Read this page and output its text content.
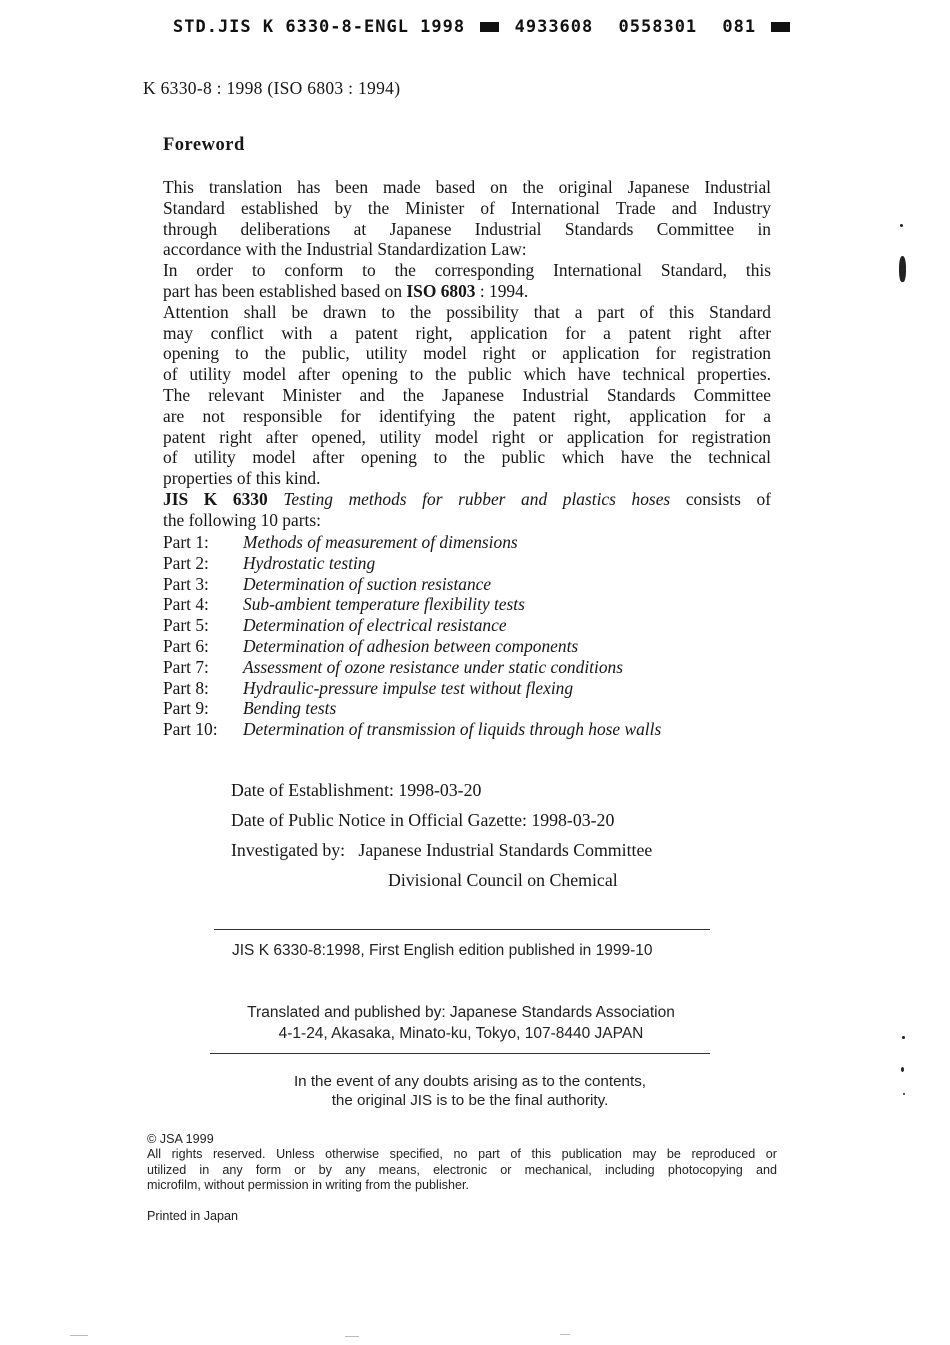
STD.JIS K 6330-8-ENGL 1998	4933608 0558301 081
K 6330-8 : 1998 (ISO 6803 : 1994)
Foreword

This translation has been made based on the original Japanese Industrial

Standard established by the Minister of International Trade and Industry

through deliberations at Japanese Industrial Standards Committee in

accordance with the Industrial Standardization Law:

In order to conform to the corresponding International Standard, this

part has been established based on ISO 6803 : 1994.

Attention shall be drawn to the possibility that a part of this Standard

may conflict with a patent right, application for a patent right after

opening to the public, utility model right or application for registration

of utility model after opening to the public which have technical properties.

The relevant Minister and the Japanese Industrial Standards Committee

are not responsible for identifying the patent right, application for a

patent right after opened, utility model right or application for registration

of utility model after opening to the public which have the technical

properties of this kind.

JIS K 6330 Testing methods for rubber and plastics hoses consists of

the following 10 parts:

Part 1:	Methods of measurement of dimensions
Part 2:	Hydrostatic testing
Part 3:	Determination of suction resistance
Part 4:	Sub-ambient temperature flexibility tests
Part 5:	Determination of electrical resistance
Part 6:	Determination of adhesion between components
Part 7:	Assessment of ozone resistance under static conditions
Part 8:	Hydraulic-pressure impulse test without flexing
Part 9:	Bending tests
Part 10:	Determination of transmission of liquids through hose walls
Date of Establishment: 1998-03-20
Date of Public Notice in Official Gazette: 1998-03-20
Investigated by: Japanese Industrial Standards Committee
Divisional Council on Chemical
JIS K 6330-8:1998, First English edition published in 1999-10
Translated and published by: Japanese Standards Association
4-1-24, Akasaka, Minato-ku, Tokyo, 107-8440 JAPAN
In the event of any doubts arising as to the contents,
the original JIS is to be the final authority.
© JSA 1999
All rights reserved. Unless otherwise specified, no part of this publication may be reproduced or
utilized in any form or by any means, electronic or mechanical, including photocopying and
microfilm, without permission in writing from the publisher.
Printed in Japan
